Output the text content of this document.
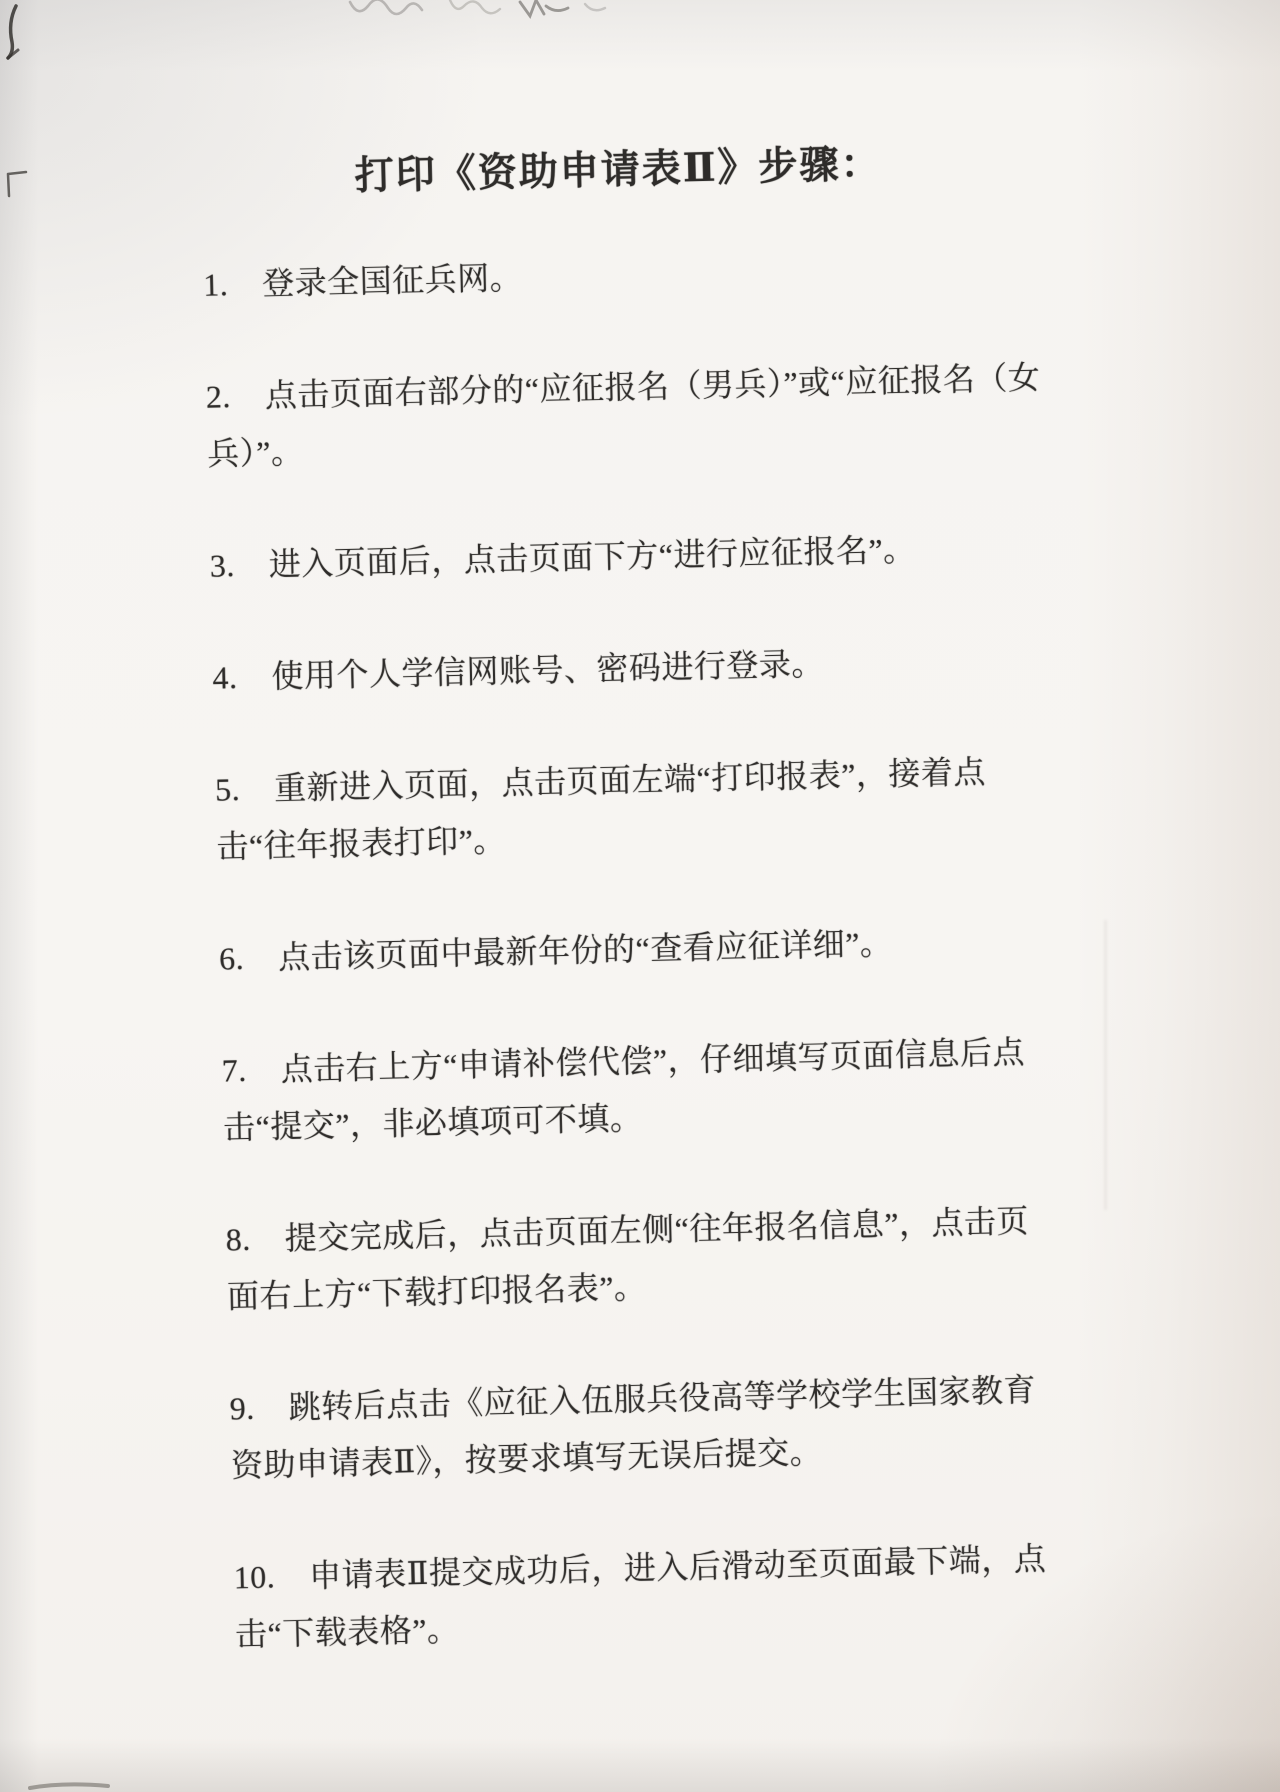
打印《资助申请表Ⅱ》步骤：

1. 登录全国征兵网。

2. 点击页面右部分的“应征报名（男兵）”或“应征报名（女兵）”。

3. 进入页面后，点击页面下方“进行应征报名”。

4. 使用个人学信网账号、密码进行登录。

5. 重新进入页面，点击页面左端“打印报表”，接着点击“往年报表打印”。

6. 点击该页面中最新年份的“查看应征详细”。

7. 点击右上方“申请补偿代偿”，仔细填写页面信息后点击“提交”，非必填项可不填。

8. 提交完成后，点击页面左侧“往年报名信息”，点击页面右上方“下载打印报名表”。

9. 跳转后点击《应征入伍服兵役高等学校学生国家教育资助申请表Ⅱ》，按要求填写无误后提交。

10. 申请表Ⅱ提交成功后，进入后滑动至页面最下端，点击“下载表格”。
